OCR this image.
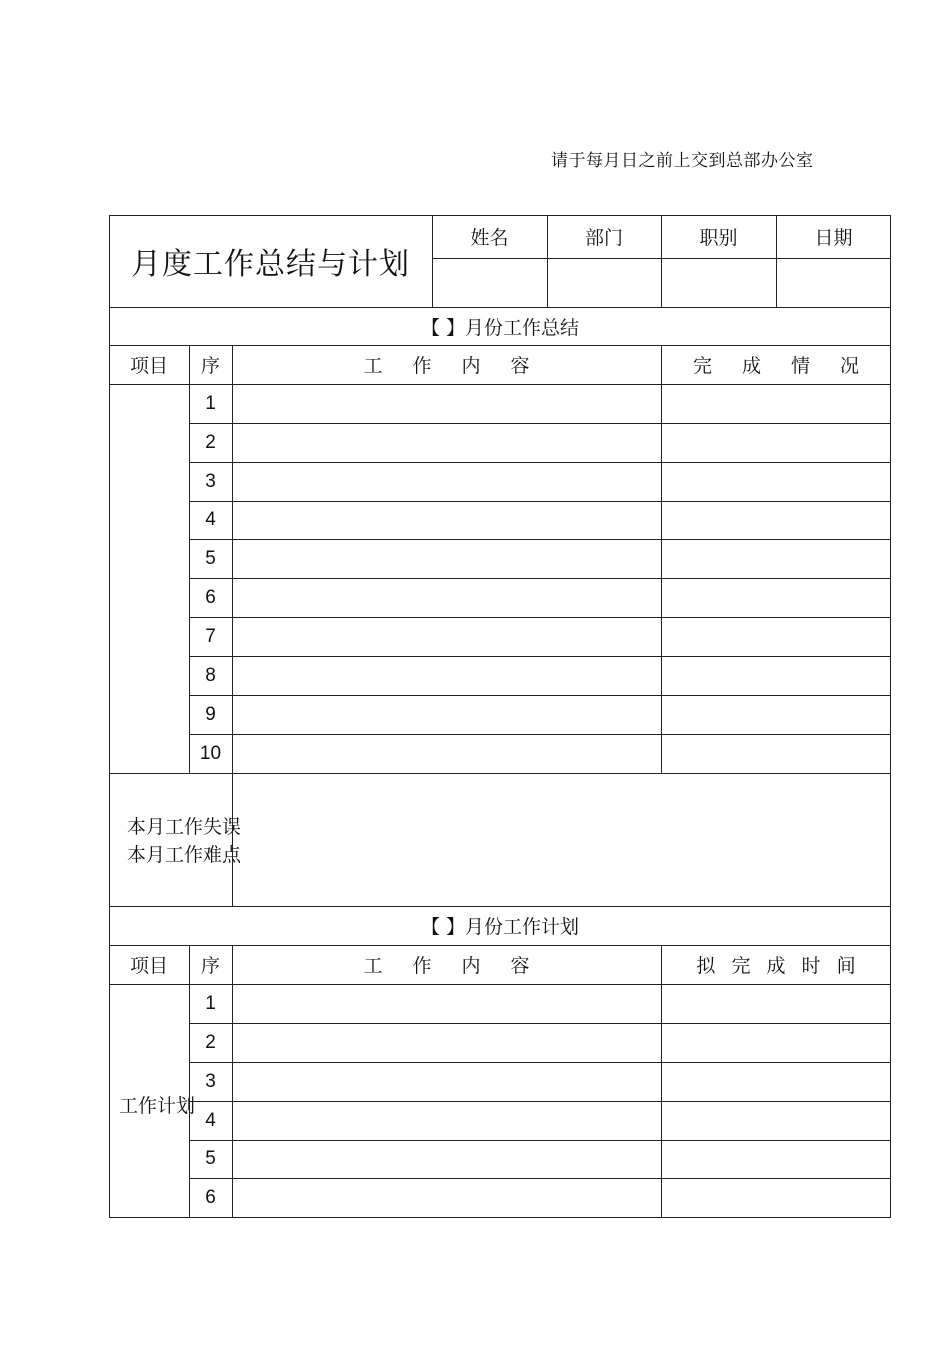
请于每月日之前上交到总部办公室
月度工作总结与计划
姓名	部门	职别	日期
【 】月份工作总结
项目	序	工 作 内 容	完 成 情 况
1
2
3
4
5
6
7
8
9
10
本月工作失误
本月工作难点
【 】月份工作计划
项目	序	工 作 内 容	拟 完 成 时 间
工作计划
1
2
3
4
5
6
